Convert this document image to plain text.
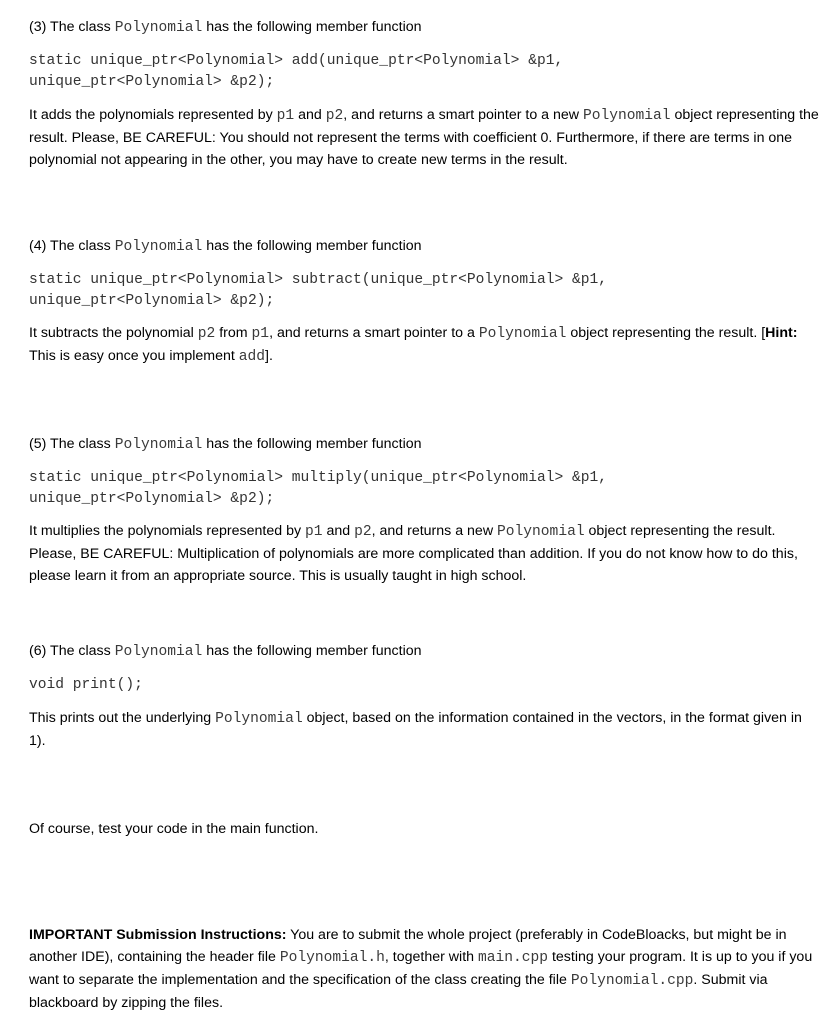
(3) The class Polynomial has the following member function
static unique_ptr<Polynomial> add(unique_ptr<Polynomial> &p1,
unique_ptr<Polynomial> &p2);
It adds the polynomials represented by p1 and p2, and returns a smart pointer to a new Polynomial object representing the result. Please, BE CAREFUL: You should not represent the terms with coefficient 0. Furthermore, if there are terms in one polynomial not appearing in the other, you may have to create new terms in the result.
(4) The class Polynomial has the following member function
static unique_ptr<Polynomial> subtract(unique_ptr<Polynomial> &p1,
unique_ptr<Polynomial> &p2);
It subtracts the polynomial p2 from p1, and returns a smart pointer to a Polynomial object representing the result. [Hint: This is easy once you implement add].
(5) The class Polynomial has the following member function
static unique_ptr<Polynomial> multiply(unique_ptr<Polynomial> &p1,
unique_ptr<Polynomial> &p2);
It multiplies the polynomials represented by p1 and p2, and returns a new Polynomial object representing the result. Please, BE CAREFUL: Multiplication of polynomials are more complicated than addition. If you do not know how to do this, please learn it from an appropriate source. This is usually taught in high school.
(6) The class Polynomial has the following member function
void print();
This prints out the underlying Polynomial object, based on the information contained in the vectors, in the format given in 1).
Of course, test your code in the main function.
IMPORTANT Submission Instructions: You are to submit the whole project (preferably in CodeBloacks, but might be in another IDE), containing the header file Polynomial.h, together with main.cpp testing your program. It is up to you if you want to separate the implementation and the specification of the class creating the file Polynomial.cpp. Submit via blackboard by zipping the files.
